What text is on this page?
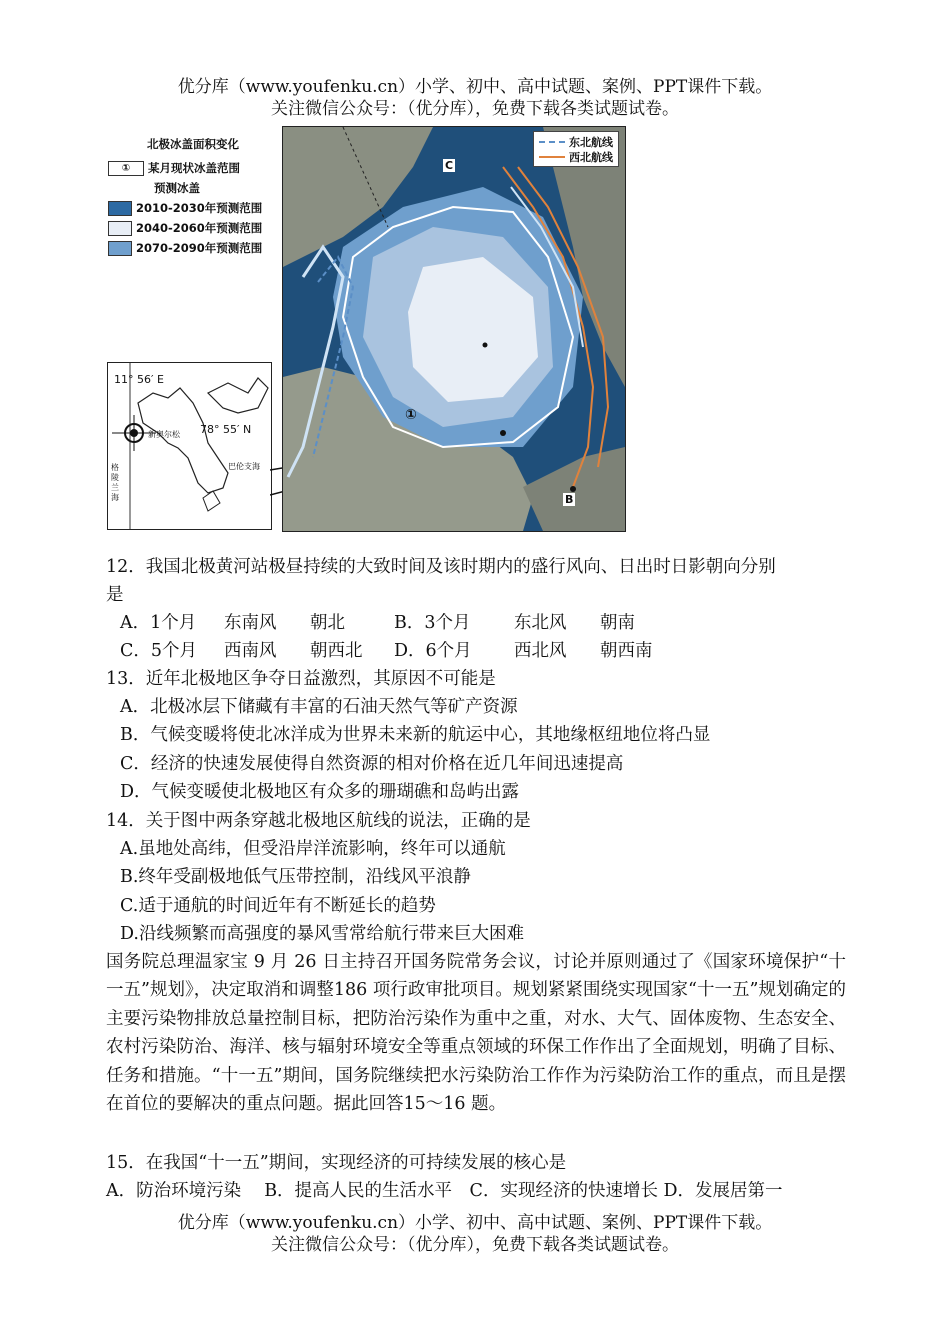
优分库（www.youfenku.cn）小学、初中、高中试题、案例、PPT课件下载。
关注微信公众号：（优分库），免费下载各类试题试卷。
北极冰盖面积变化
①	某月现状冰盖范围
预测冰盖
2010-2030年预测范围
2040-2060年预测范围
2070-2090年预测范围
11° 56′ E
78° 55′ N
新奥尔松
巴伦支海
格陵兰海
东北航线
西北航线
C
B
①
12．我国北极黄河站极昼持续的大致时间及该时期内的盛行风向、日出时日影朝向分别
是
A．1个月 东南风 朝北	B．3个月 东北风 朝南
C．5个月 西南风 朝西北 D．6个月 西北风 朝西南
13．近年北极地区争夺日益激烈，其原因不可能是
A．北极冰层下储藏有丰富的石油天然气等矿产资源
B．气候变暖将使北冰洋成为世界未来新的航运中心，其地缘枢纽地位将凸显
C．经济的快速发展使得自然资源的相对价格在近几年间迅速提高
D．气候变暖使北极地区有众多的珊瑚礁和岛屿出露
14．关于图中两条穿越北极地区航线的说法，正确的是
A.虽地处高纬，但受沿岸洋流影响，终年可以通航
B.终年受副极地低气压带控制，沿线风平浪静
C.适于通航的时间近年有不断延长的趋势
D.沿线频繁而高强度的暴风雪常给航行带来巨大困难
国务院总理温家宝 9 月 26 日主持召开国务院常务会议，讨论并原则通过了《国家环境保护“十一五”规划》，决定取消和调整186 项行政审批项目。规划紧紧围绕实现国家“十一五”规划确定的主要污染物排放总量控制目标，把防治污染作为重中之重，对水、大气、固体废物、生态安全、农村污染防治、海洋、核与辐射环境安全等重点领域的环保工作作出了全面规划，明确了目标、任务和措施。“十一五”期间，国务院继续把水污染防治工作作为污染防治工作的重点，而且是摆在首位的要解决的重点问题。据此回答15～16 题。
15．在我国“十一五”期间，实现经济的可持续发展的核心是
A．防治环境污染　 B．提高人民的生活水平　C．实现经济的快速增长 D．发展居第一
优分库（www.youfenku.cn）小学、初中、高中试题、案例、PPT课件下载。
关注微信公众号：（优分库），免费下载各类试题试卷。
